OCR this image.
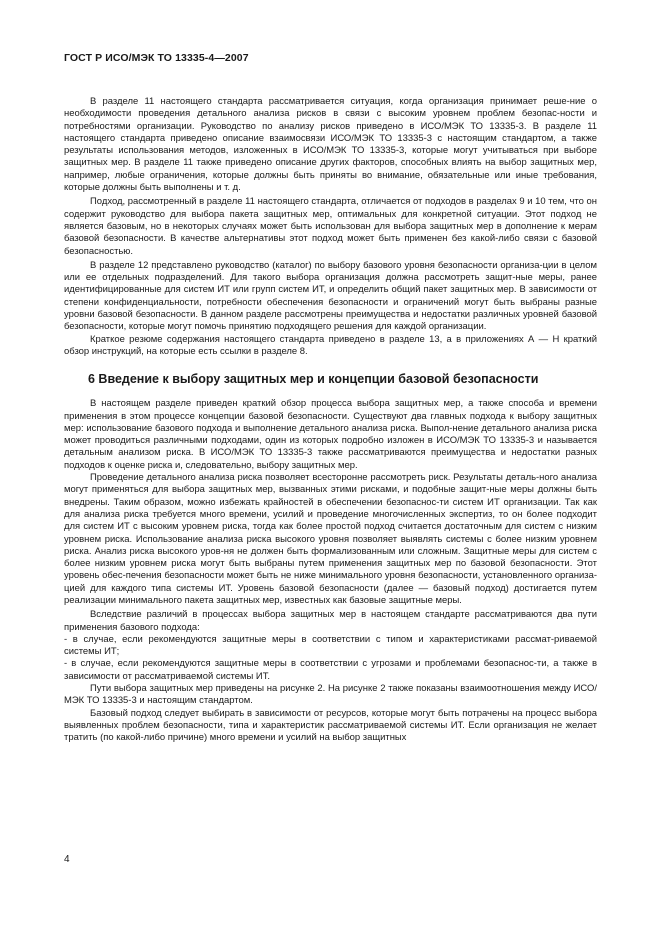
ГОСТ Р ИСО/МЭК ТО 13335-4—2007

В разделе 11 настоящего стандарта рассматривается ситуация, когда организация принимает реше-ние о необходимости проведения детального анализа рисков в связи с высоким уровнем проблем безопас-ности и потребностями организации. Руководство по анализу рисков приведено в ИСО/МЭК ТО 13335-3. В разделе 11 настоящего стандарта приведено описание взаимосвязи ИСО/МЭК ТО 13335-3 с настоящим стандартом, а также результаты использования методов, изложенных в ИСО/МЭК ТО 13335-3, которые могут учитываться при выборе защитных мер. В разделе 11 также приведено описание других факторов, способных влиять на выбор защитных мер, например, любые ограничения, которые должны быть приняты во внимание, обязательные или иные требования, которые должны быть выполнены и т. д.

Подход, рассмотренный в разделе 11 настоящего стандарта, отличается от подходов в разделах 9 и 10 тем, что он содержит руководство для выбора пакета защитных мер, оптимальных для конкретной ситуации. Этот подход не является базовым, но в некоторых случаях может быть использован для выбора защитных мер в дополнение к мерам базовой безопасности. В качестве альтернативы этот подход может быть применен без какой-либо связи с базовой безопасностью.

В разделе 12 представлено руководство (каталог) по выбору базового уровня безопасности организа-ции в целом или ее отдельных подразделений. Для такого выбора организация должна рассмотреть защит-ные меры, ранее идентифицированные для систем ИТ или групп систем ИТ, и определить общий пакет защитных мер. В зависимости от степени конфиденциальности, потребности обеспечения безопасности и ограничений могут быть выбраны разные уровни базовой безопасности. В данном разделе рассмотрены преимущества и недостатки различных уровней базовой безопасности, которые могут помочь принятию подходящего решения для каждой организации.

Краткое резюме содержания настоящего стандарта приведено в разделе 13, а в приложениях А — Н краткий обзор инструкций, на которые есть ссылки в разделе 8.

6 Введение к выбору защитных мер и концепции базовой безопасности

В настоящем разделе приведен краткий обзор процесса выбора защитных мер, а также способа и времени применения в этом процессе концепции базовой безопасности. Существуют два главных подхода к выбору защитных мер: использование базового подхода и выполнение детального анализа риска. Выпол-нение детального анализа риска может проводиться различными подходами, один из которых подробно изложен в ИСО/МЭК ТО 13335-3 и называется детальным анализом риска. В ИСО/МЭК ТО 13335-3 также рассматриваются преимущества и недостатки разных подходов к оценке риска и, следовательно, выбору защитных мер.

Проведение детального анализа риска позволяет всесторонне рассмотреть риск. Результаты деталь-ного анализа могут применяться для выбора защитных мер, вызванных этими рисками, и подобные защит-ные меры должны быть внедрены. Таким образом, можно избежать крайностей в обеспечении безопаснос-ти систем ИТ организации. Так как для анализа риска требуется много времени, усилий и проведение многочисленных экспертиз, то он более подходит для систем ИТ с высоким уровнем риска, тогда как более простой подход считается достаточным для систем с низким уровнем риска. Использование анализа риска высокого уровня позволяет выявлять системы с более низким уровнем риска. Анализ риска высокого уров-ня не должен быть формализованным или сложным. Защитные меры для систем с более низким уровнем риска могут быть выбраны путем применения защитных мер по базовой безопасности. Этот уровень обес-печения безопасности может быть не ниже минимального уровня безопасности, установленного организа-цией для каждого типа системы ИТ. Уровень базовой безопасности (далее — базовый подход) достигается путем реализации минимального пакета защитных мер, известных как базовые защитные меры.

Вследствие различий в процессах выбора защитных мер в настоящем стандарте рассматриваются два пути применения базового подхода:

- в случае, если рекомендуются защитные меры в соответствии с типом и характеристиками рассмат-риваемой системы ИТ;

- в случае, если рекомендуются защитные меры в соответствии с угрозами и проблемами безопаснос-ти, а также в зависимости от рассматриваемой системы ИТ.

Пути выбора защитных мер приведены на рисунке 2. На рисунке 2 также показаны взаимоотношения между ИСО/МЭК ТО 13335-3 и настоящим стандартом.

Базовый подход следует выбирать в зависимости от ресурсов, которые могут быть потрачены на процесс выбора выявленных проблем безопасности, типа и характеристик рассматриваемой системы ИТ. Если организация не желает тратить (по какой-либо причине) много времени и усилий на выбор защитных

4
